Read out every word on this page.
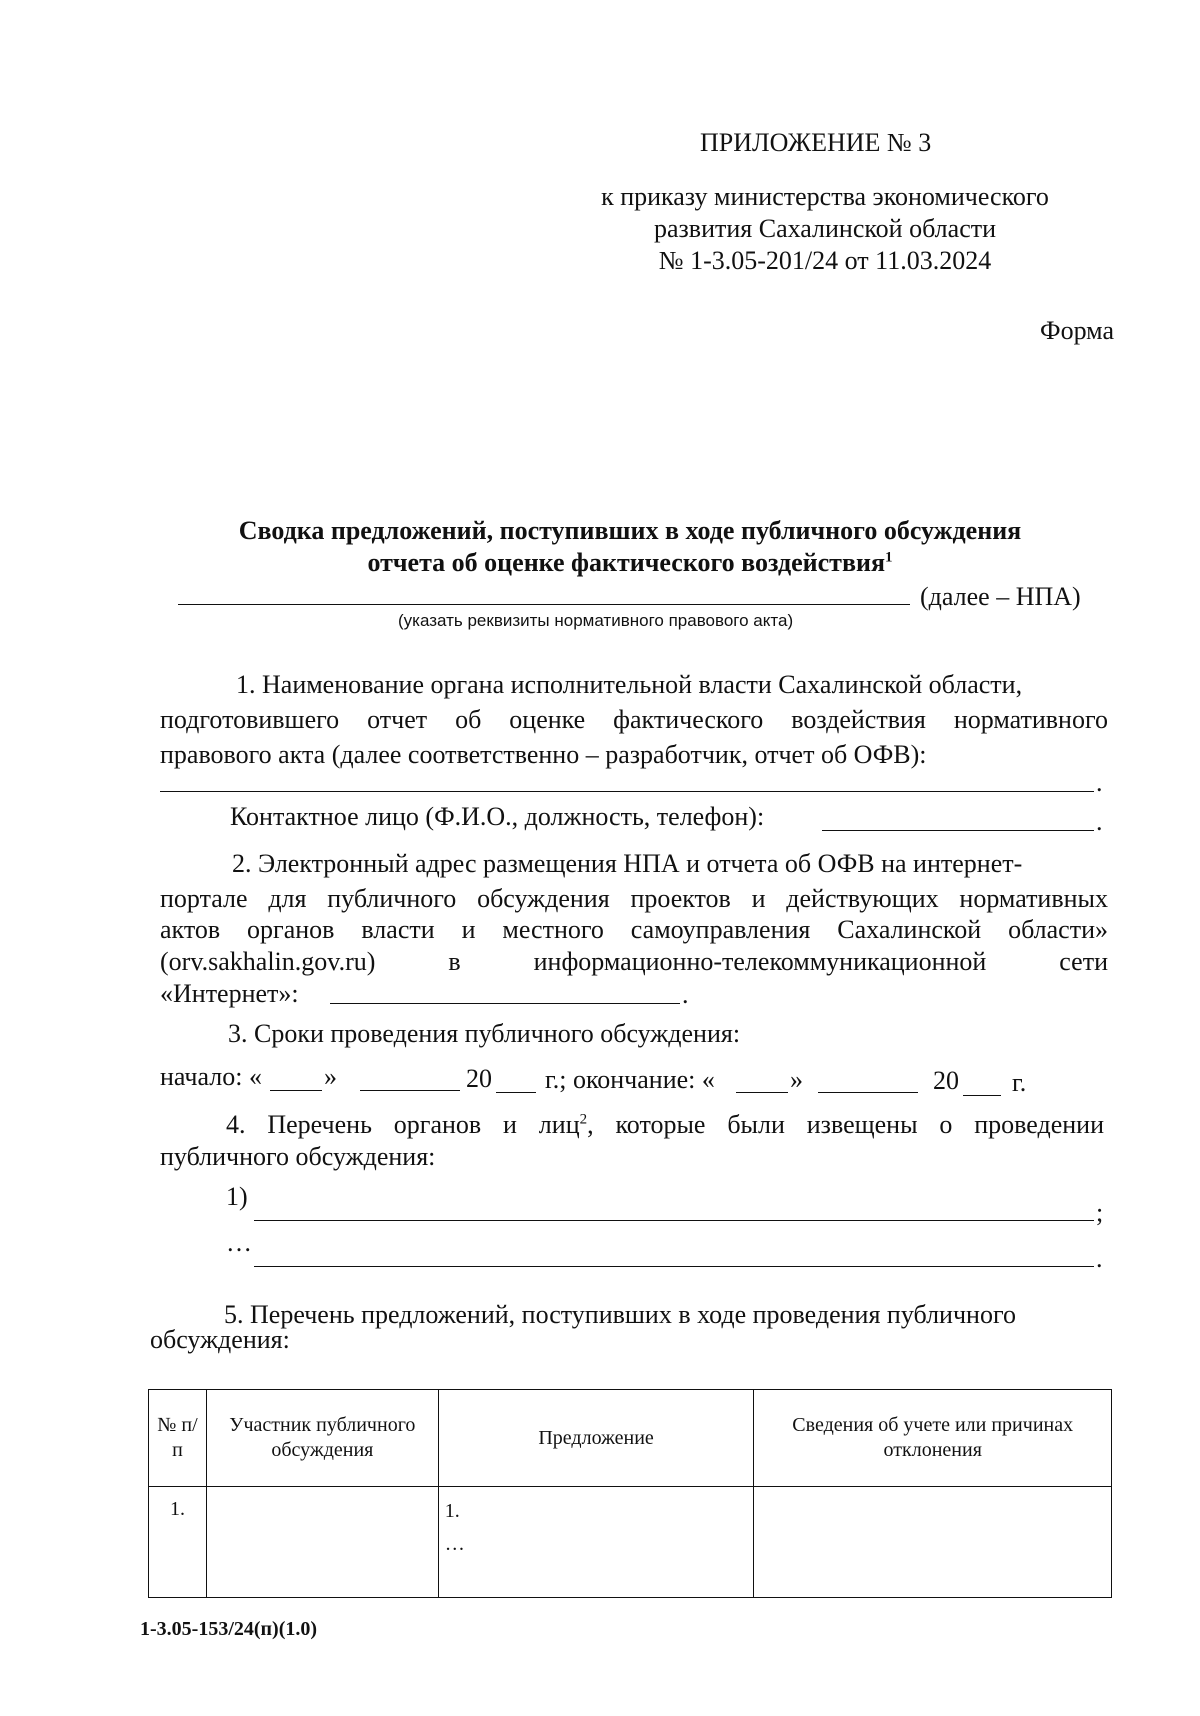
ПРИЛОЖЕНИЕ № 3
к приказу министерства экономического
развития Сахалинской области
№ 1-3.05-201/24 от 11.03.2024
Форма
Сводка предложений, поступивших в ходе публичного обсуждения
отчета об оценке фактического воздействия$^1$
(далее – НПА)
(указать реквизиты нормативного правового акта)
1. Наименование органа исполнительной власти Сахалинской области,
подготовившего отчет об оценке фактического воздействия нормативного
правового акта (далее соответственно – разработчик, отчет об ОФВ):
.
Контактное лицо (Ф.И.О., должность, телефон):	.
2. Электронный адрес размещения НПА и отчета об ОФВ на интернет-
портале для публичного обсуждения проектов и действующих нормативных
актов органов власти и местного самоуправления Сахалинской области»
(orv.sakhalin.gov.ru) в информационно-телекоммуникационной сети
«Интернет»:	.
3. Сроки проведения публичного обсуждения:
начало: « »	20 г.; окончание: «	»	20 г.
4. Перечень органов и лиц$^2$, которые были извещены о проведении
публичного обсуждения:
1)
;
…
.
5. Перечень предложений, поступивших в ходе проведения публичного
обсуждения:
№ п/п	Участник публичного обсуждения	Предложение	Сведения об учете или причинах отклонения
1.		1.
…	

1-3.05-153/24(п)(1.0)
